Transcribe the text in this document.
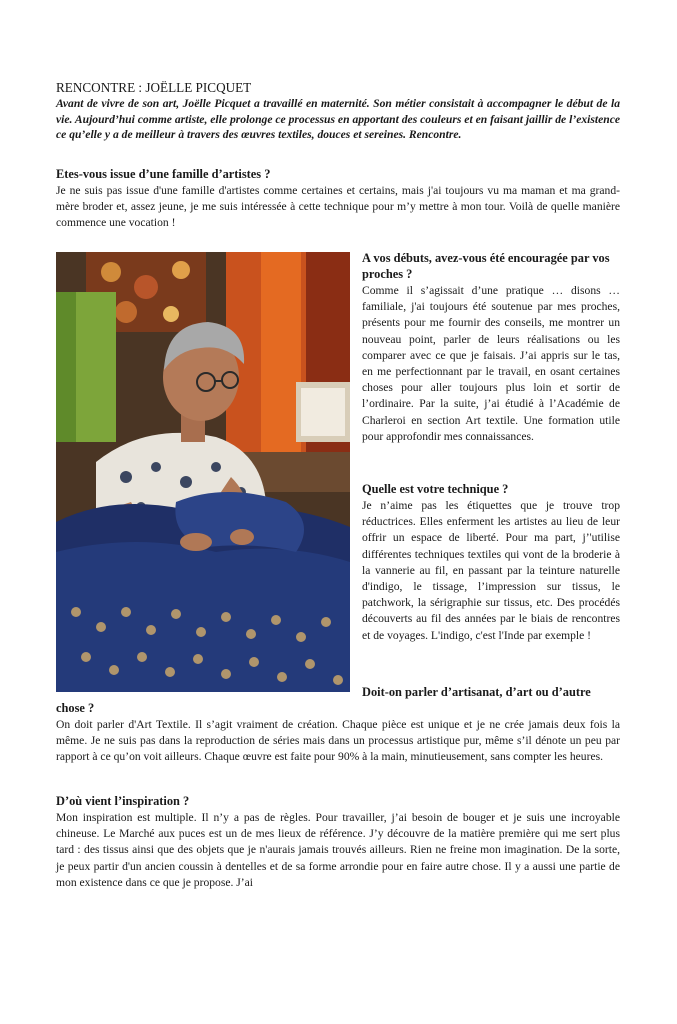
RENCONTRE : JOËLLE PICQUET

Avant de vivre de son art, Joëlle Picquet a travaillé en maternité. Son métier consistait à accompagner le début de la vie. Aujourd’hui comme artiste, elle prolonge ce processus en apportant des couleurs et en faisant jaillir de l’existence ce qu’elle y a de meilleur à travers des œuvres textiles, douces et sereines. Rencontre.

Etes-vous issue d’une famille d’artistes ?

Je ne suis pas issue d'une famille d'artistes comme certaines et certains, mais j'ai toujours vu ma maman et ma grand-mère broder et, assez jeune, je me suis intéressée à cette technique pour m’y mettre à mon tour. Voilà de quelle manière commence une vocation !

A vos débuts, avez-vous été encouragée par vos proches ?

Comme il s’agissait d’une pratique … disons … familiale, j'ai toujours été soutenue par mes proches, présents pour me fournir des conseils, me montrer un nouveau point, parler de leurs réalisations ou les comparer avec ce que je faisais. J’ai appris sur le tas, en me perfectionnant par le travail, en osant certaines choses pour aller toujours plus loin et sortir de l’ordinaire. Par la suite, j’ai étudié à l’Académie de Charleroi en section Art textile. Une formation utile pour approfondir mes connaissances.

Quelle est votre technique ?

Je n’aime pas les étiquettes que je trouve trop réductrices. Elles enferment les artistes au lieu de leur offrir un espace de liberté. Pour ma part, j’'utilise différentes techniques textiles qui vont de la broderie à la vannerie au fil, en passant par la teinture naturelle d'indigo, le tissage, l’impression sur tissus, le patchwork, la sérigraphie sur tissus, etc. Des procédés découverts au fil des années par le biais de rencontres et de voyages. L'indigo, c'est l'Inde par exemple !

Doit-on parler d’artisanat, d’art ou d’autre

chose ?

On doit parler d'Art Textile. Il s’agit vraiment de création. Chaque pièce est unique et je ne crée jamais deux fois la même. Je ne suis pas dans la reproduction de séries mais dans un processus artistique pur, même s’il dénote un peu par rapport à ce qu’on voit ailleurs. Chaque œuvre est faite pour 90% à la main, minutieusement, sans compter les heures.

D’où vient l’inspiration ?

Mon inspiration est multiple. Il n’y a pas de règles. Pour travailler, j’ai besoin de bouger et je suis une incroyable chineuse. Le Marché aux puces est un de mes lieux de référence. J’y découvre de la matière première qui me sert plus tard : des tissus ainsi que des objets que je n'aurais jamais trouvés ailleurs. Rien ne freine mon imagination. De la sorte, je peux partir d'un ancien coussin à dentelles et de sa forme arrondie pour en faire autre chose. Il y a aussi une partie de mon existence dans ce que je propose. J’ai
